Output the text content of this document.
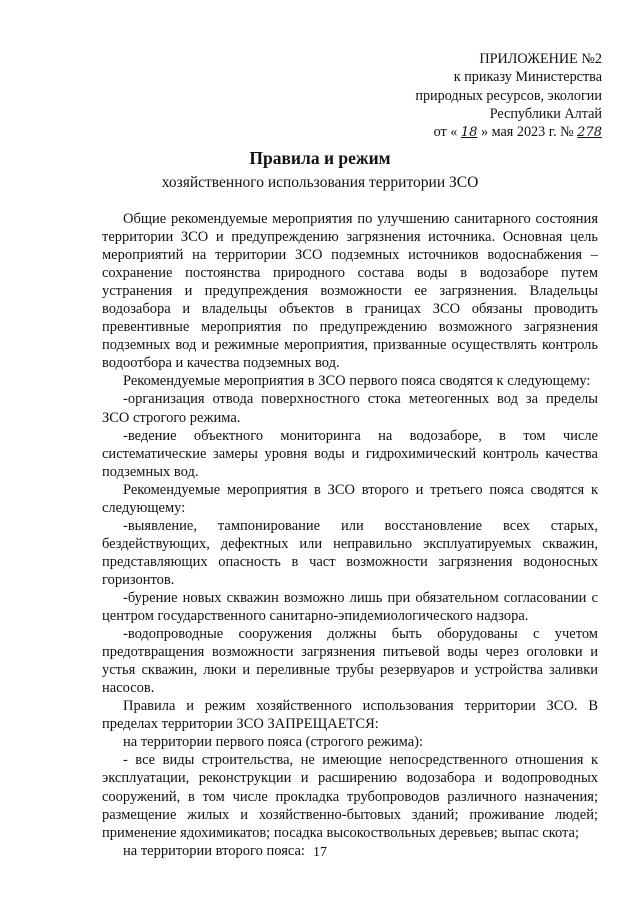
ПРИЛОЖЕНИЕ №2
к приказу Министерства
природных ресурсов, экологии
Республики Алтай
от « 18 » мая 2023 г. № 278
Правила и режим
хозяйственного использования территории ЗСО

Общие рекомендуемые мероприятия по улучшению санитарного состояния территории ЗСО и предупреждению загрязнения источника. Основная цель мероприятий на территории ЗСО подземных источников водоснабжения – сохранение постоянства природного состава воды в водозаборе путем устранения и предупреждения возможности ее загрязнения. Владельцы водозабора и владельцы объектов в границах ЗСО обязаны проводить превентивные мероприятия по предупреждению возможного загрязнения подземных вод и режимные мероприятия, призванные осуществлять контроль водоотбора и качества подземных вод.

Рекомендуемые мероприятия в ЗСО первого пояса сводятся к следующему:

-организация отвода поверхностного стока метеогенных вод за пределы ЗСО строгого режима.

-ведение объектного мониторинга на водозаборе, в том числе систематические замеры уровня воды и гидрохимический контроль качества подземных вод.

Рекомендуемые мероприятия в ЗСО второго и третьего пояса сводятся к следующему:

-выявление, тампонирование или восстановление всех старых, бездействующих, дефектных или неправильно эксплуатируемых скважин, представляющих опасность в част возможности загрязнения водоносных горизонтов.

-бурение новых скважин возможно лишь при обязательном согласовании с центром государственного санитарно-эпидемиологического надзора.

-водопроводные сооружения должны быть оборудованы с учетом предотвращения возможности загрязнения питьевой воды через оголовки и устья скважин, люки и переливные трубы резервуаров и устройства заливки насосов.

Правила и режим хозяйственного использования территории ЗСО. В пределах территории ЗСО ЗАПРЕЩАЕТСЯ:

на территории первого пояса (строгого режима):

- все виды строительства, не имеющие непосредственного отношения к эксплуатации, реконструкции и расширению водозабора и водопроводных сооружений, в том числе прокладка трубопроводов различного назначения; размещение жилых и хозяйственно-бытовых зданий; проживание людей; применение ядохимикатов; посадка высокоствольных деревьев; выпас скота;

на территории второго пояса: 17
